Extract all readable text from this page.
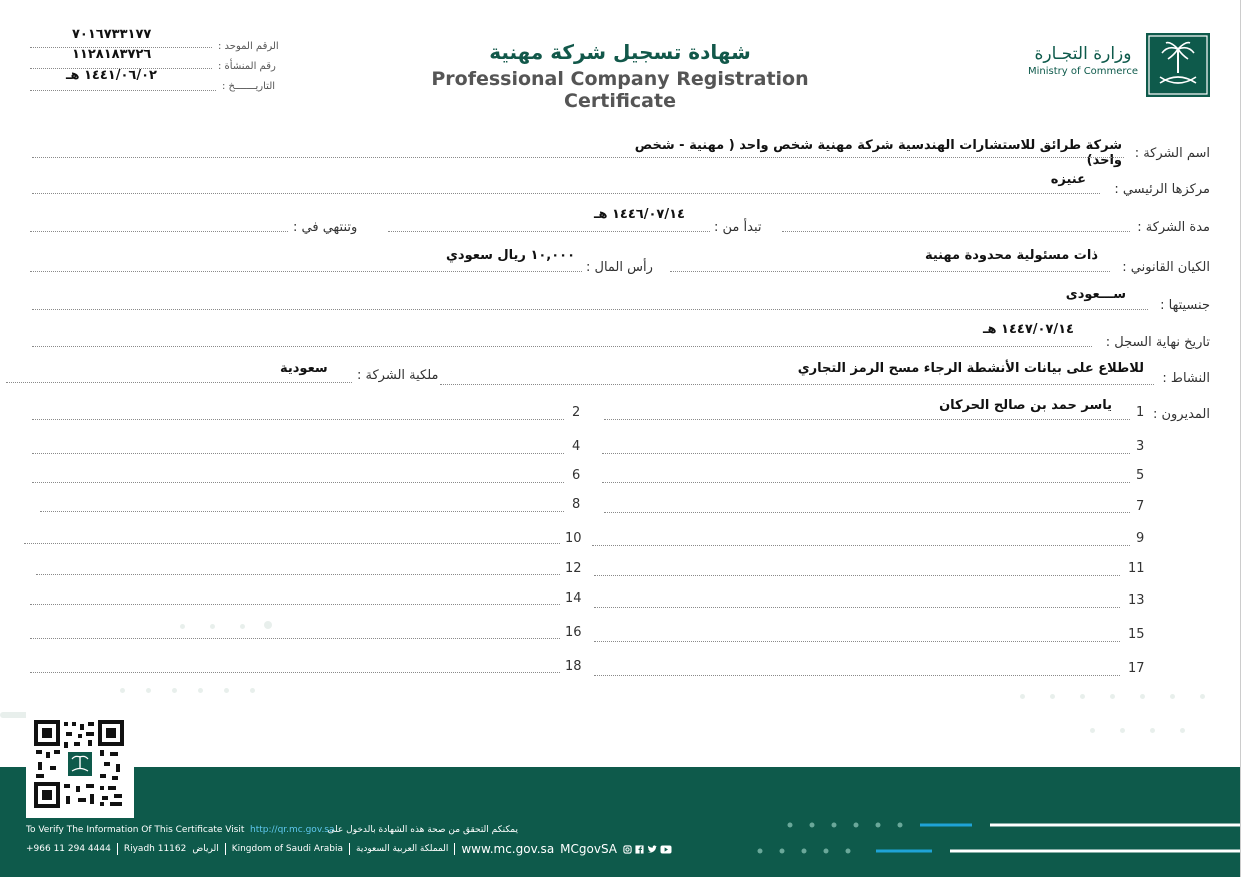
الرقم الموحد :
٧٠١٦٧٣٣١٧٧
رقم المنشأة :
١١٢٨١٨٣٧٢٦
التاريـــــــخ :
١٤٤١/٠٦/٠٢ هـ
شهادة تسجيل شركة مهنية
Professional Company Registration Certificate
وزارة التجـارة
Ministry of Commerce
اسم الشركة :
شركة طرائق للاستشارات الهندسية شركة مهنية شخص واحد ( مهنية - شخص واحد)
مركزها الرئيسي :
عنيزه
مدة الشركة :
تبدأ من :
١٤٤٦/٠٧/١٤ هـ
وتنتهي في :
الكيان القانوني :
ذات مسئولية محدودة مهنية
رأس المال :
١٠,٠٠٠ ريال سعودي
جنسيتها :
ســـعودى
تاريخ نهاية السجل :
١٤٤٧/٠٧/١٤ هـ
النشاط :
للاطلاع على بيانات الأنشطة الرجاء مسح الرمز التجاري
ملكية الشركة :
سعودية
المديرون :
1
ياسر حمد بن صالح الحركان
2
3
4
5
6
7
8
9
10
11
12
13
14
15
16
17
18
To Verify The Information Of This Certificate Visit http://qr.mc.gov.sa
يمكنكم التحقق من صحة هذه الشهادة بالدخول على
+966 11 294 4444 Riyadh 11162 الرياض Kingdom of Saudi Arabia المملكة العربية السعودية www.mc.gov.sa MCgovSA
